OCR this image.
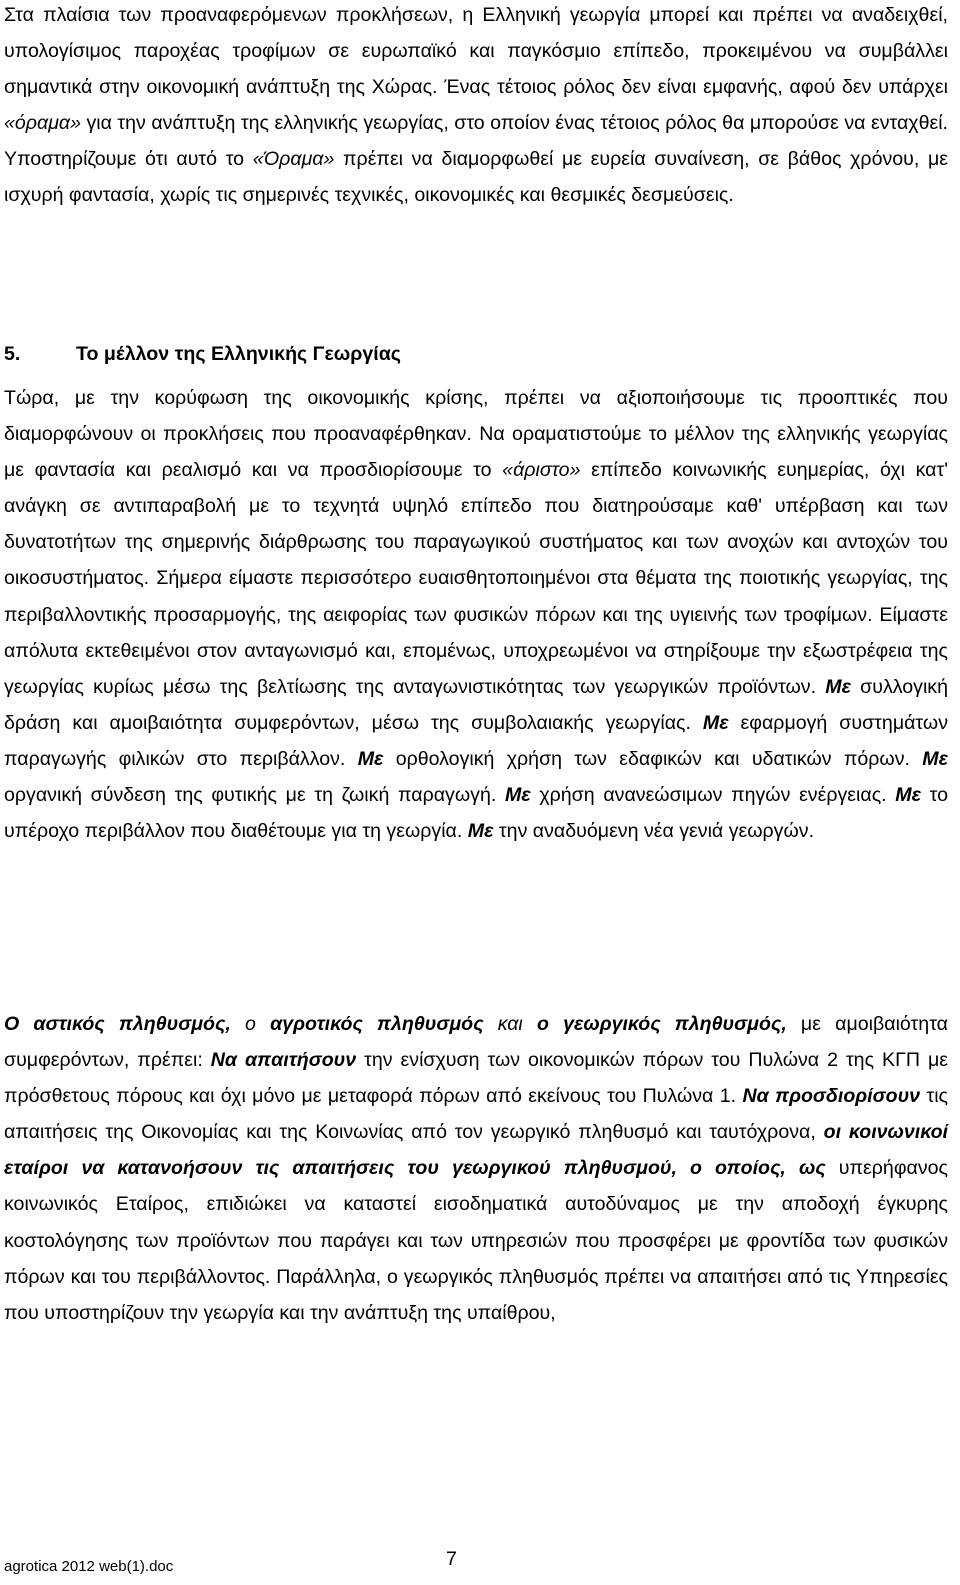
Στα πλαίσια των προαναφερόμενων προκλήσεων, η Ελληνική γεωργία μπορεί και πρέπει να αναδειχθεί, υπολογίσιμος παροχέας τροφίμων σε ευρωπαϊκό και παγκόσμιο επίπεδο, προκειμένου να συμβάλλει σημαντικά στην οικονομική ανάπτυξη της Χώρας. Ένας τέτοιος ρόλος δεν είναι εμφανής, αφού δεν υπάρχει «όραμα» για την ανάπτυξη της ελληνικής γεωργίας, στο οποίον ένας τέτοιος ρόλος θα μπορούσε να ενταχθεί. Υποστηρίζουμε ότι αυτό το «Όραμα» πρέπει να διαμορφωθεί με ευρεία συναίνεση, σε βάθος χρόνου, με ισχυρή φαντασία, χωρίς τις σημερινές τεχνικές, οικονομικές και θεσμικές δεσμεύσεις.

5.	Το μέλλον της Ελληνικής Γεωργίας

Τώρα, με την κορύφωση της οικονομικής κρίσης, πρέπει να αξιοποιήσουμε τις προοπτικές που διαμορφώνουν οι προκλήσεις που προαναφέρθηκαν. Να οραματιστούμε το μέλλον της ελληνικής γεωργίας με φαντασία και ρεαλισμό και να προσδιορίσουμε το «άριστο» επίπεδο κοινωνικής ευημερίας, όχι κατ' ανάγκη σε αντιπαραβολή με το τεχνητά υψηλό επίπεδο που διατηρούσαμε καθ' υπέρβαση και των δυνατοτήτων της σημερινής διάρθρωσης του παραγωγικού συστήματος και των ανοχών και αντοχών του οικοσυστήματος. Σήμερα είμαστε περισσότερο ευαισθητοποιημένοι στα θέματα της ποιοτικής γεωργίας, της περιβαλλοντικής προσαρμογής, της αειφορίας των φυσικών πόρων και της υγιεινής των τροφίμων. Είμαστε απόλυτα εκτεθειμένοι στον ανταγωνισμό και, επομένως, υποχρεωμένοι να στηρίξουμε την εξωστρέφεια της γεωργίας κυρίως μέσω της βελτίωσης της ανταγωνιστικότητας των γεωργικών προϊόντων. Με συλλογική δράση και αμοιβαιότητα συμφερόντων, μέσω της συμβολαιακής γεωργίας. Με εφαρμογή συστημάτων παραγωγής φιλικών στο περιβάλλον. Με ορθολογική χρήση των εδαφικών και υδατικών πόρων. Με οργανική σύνδεση της φυτικής με τη ζωική παραγωγή. Με χρήση ανανεώσιμων πηγών ενέργειας. Με το υπέροχο περιβάλλον που διαθέτουμε για τη γεωργία. Με την αναδυόμενη νέα γενιά γεωργών.

Ο αστικός πληθυσμός, ο αγροτικός πληθυσμός και ο γεωργικός πληθυσμός, με αμοιβαιότητα συμφερόντων, πρέπει: Να απαιτήσουν την ενίσχυση των οικονομικών πόρων του Πυλώνα 2 της ΚΓΠ με πρόσθετους πόρους και όχι μόνο με μεταφορά πόρων από εκείνους του Πυλώνα 1. Να προσδιορίσουν τις απαιτήσεις της Οικονομίας και της Κοινωνίας από τον γεωργικό πληθυσμό και ταυτόχρονα, οι κοινωνικοί εταίροι να κατανοήσουν τις απαιτήσεις του γεωργικού πληθυσμού, ο οποίος, ως υπερήφανος κοινωνικός Εταίρος, επιδιώκει να καταστεί εισοδηματικά αυτοδύναμος με την αποδοχή έγκυρης κοστολόγησης των προϊόντων που παράγει και των υπηρεσιών που προσφέρει με φροντίδα των φυσικών πόρων και του περιβάλλοντος. Παράλληλα, ο γεωργικός πληθυσμός πρέπει να απαιτήσει από τις Υπηρεσίες που υποστηρίζουν την γεωργία και την ανάπτυξη της υπαίθρου,

agrotica 2012 web(1).doc	7
